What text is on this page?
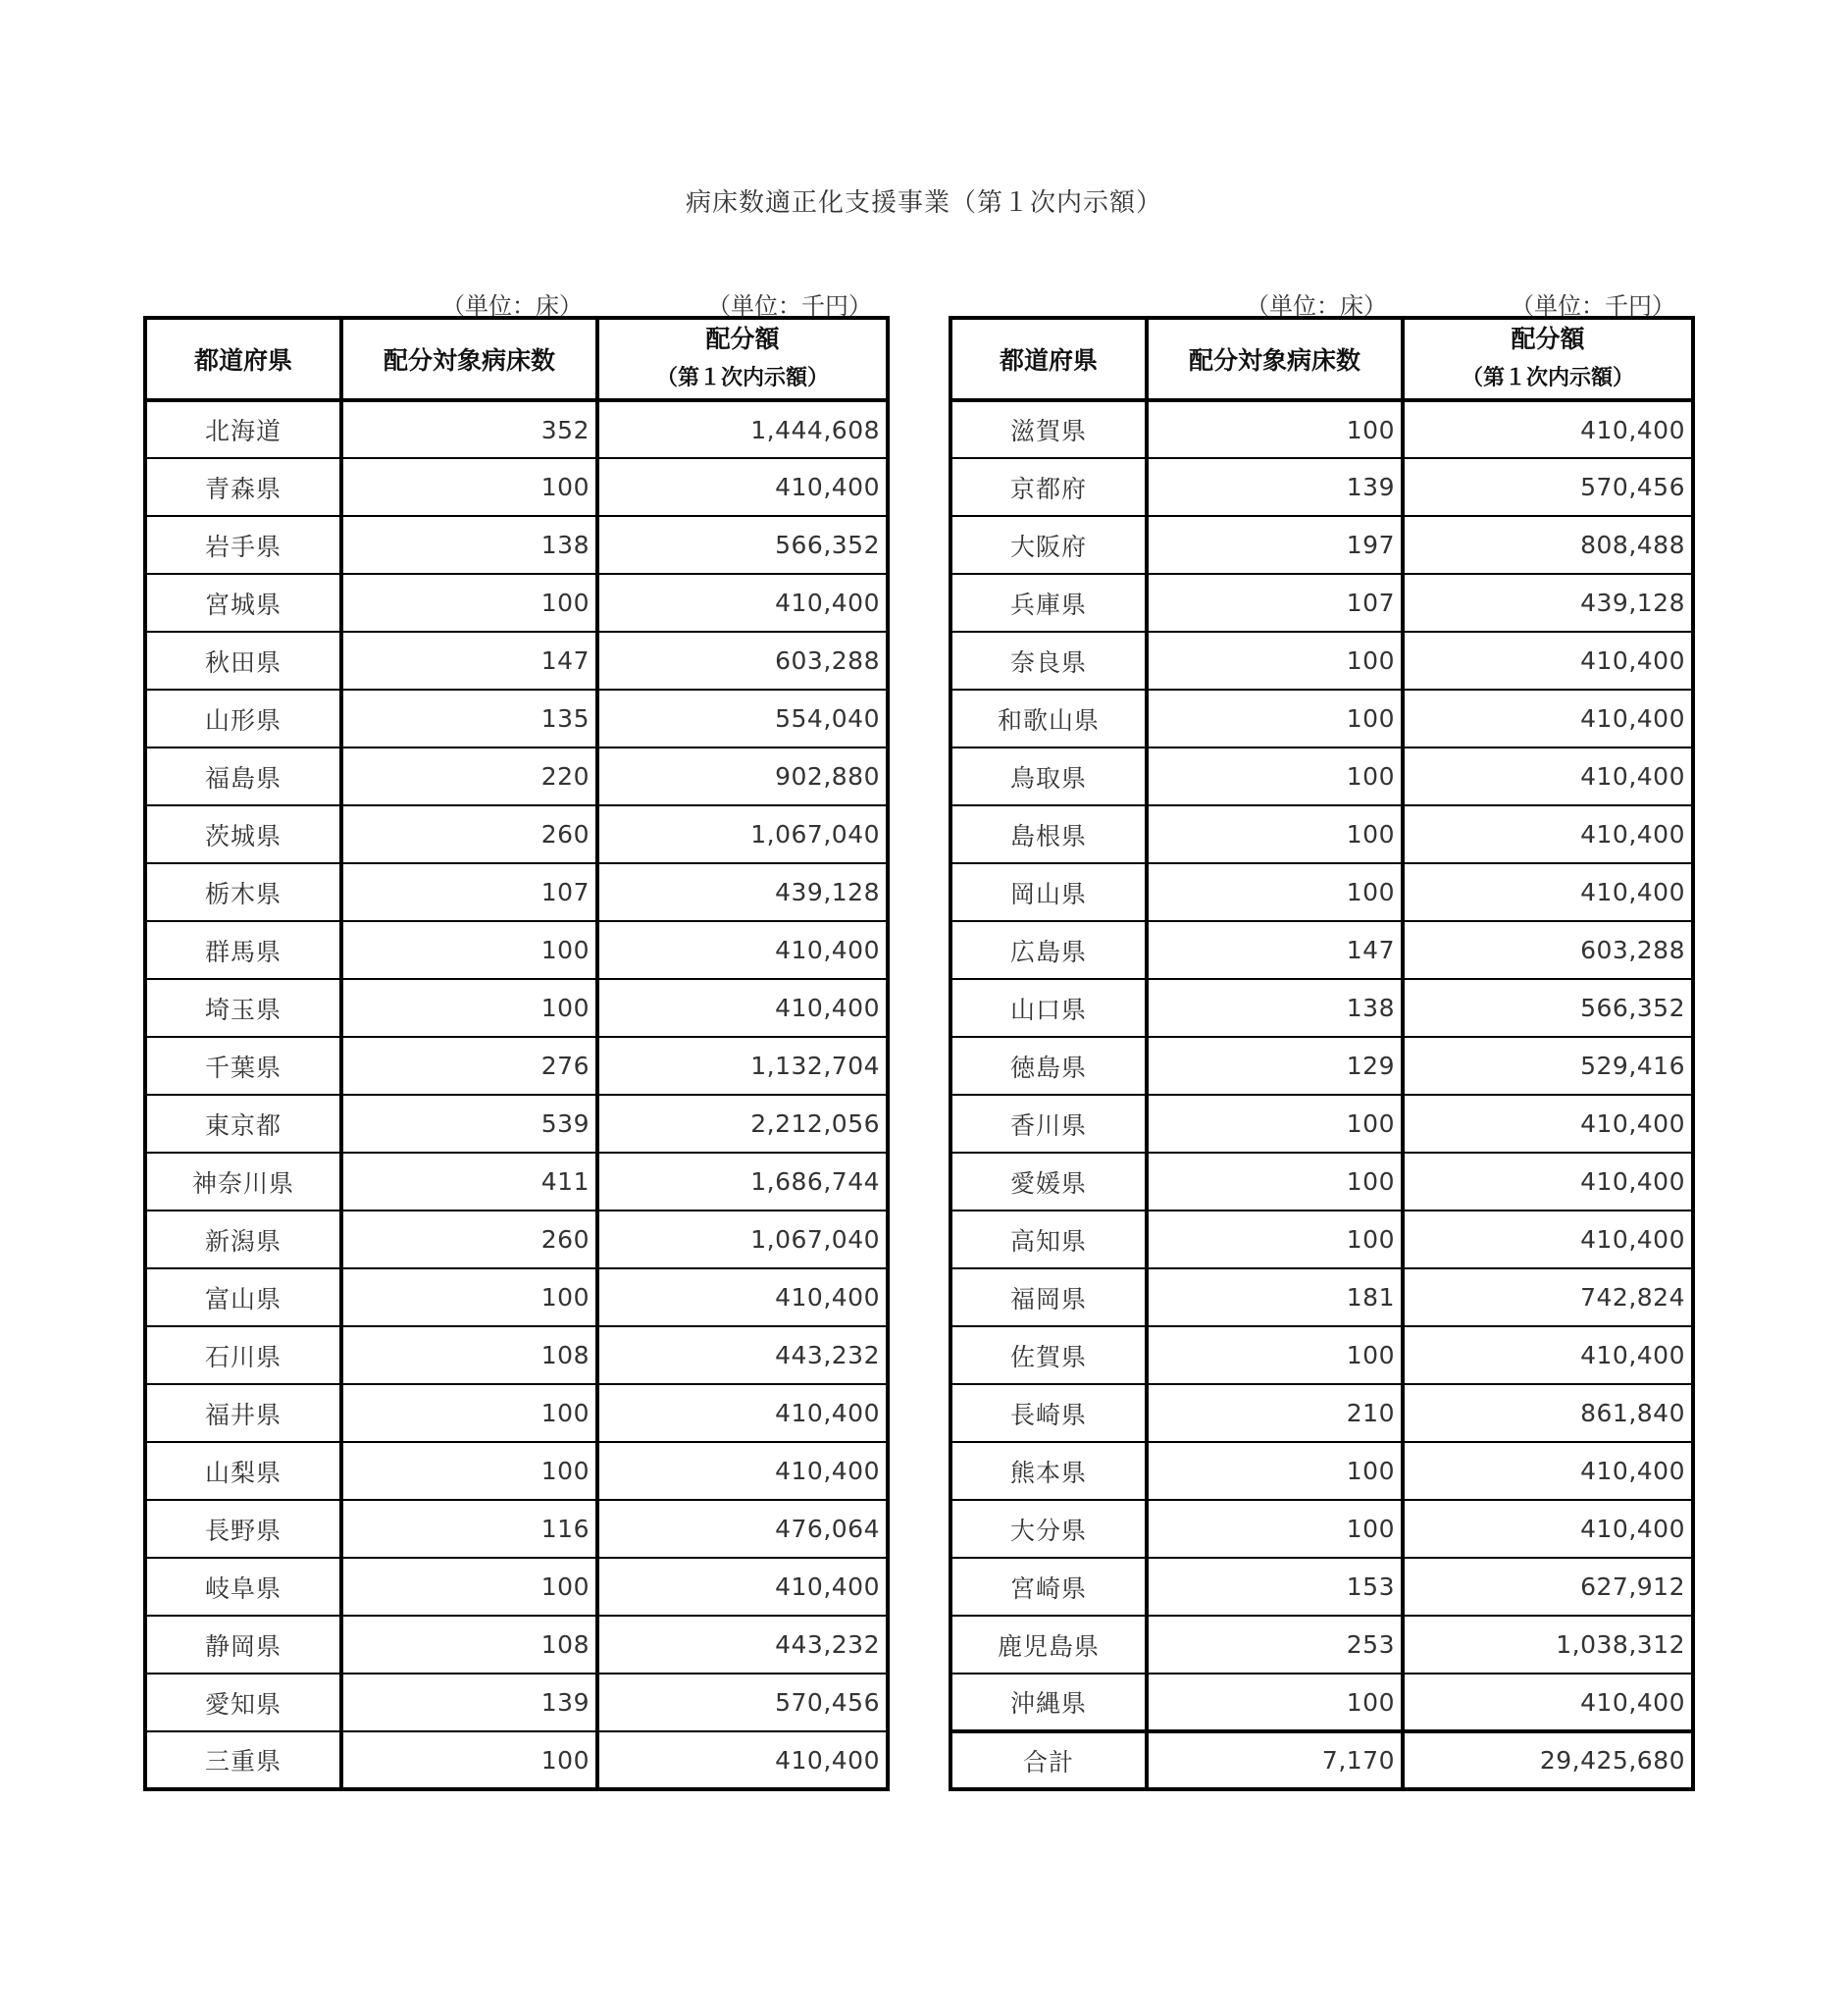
病床数適正化支援事業（第１次内示額）
（単位：床）	（単位：千円）	（単位：床）	（単位：千円）
都道府県	配分対象病床数	配分額
（第１次内示額）

北海道	352	1,444,608
青森県	100	410,400
岩手県	138	566,352
宮城県	100	410,400
秋田県	147	603,288
山形県	135	554,040
福島県	220	902,880
茨城県	260	1,067,040
栃木県	107	439,128
群馬県	100	410,400
埼玉県	100	410,400
千葉県	276	1,132,704
東京都	539	2,212,056
神奈川県	411	1,686,744
新潟県	260	1,067,040
富山県	100	410,400
石川県	108	443,232
福井県	100	410,400
山梨県	100	410,400
長野県	116	476,064
岐阜県	100	410,400
静岡県	108	443,232
愛知県	139	570,456
三重県	100	410,400
都道府県	配分対象病床数	配分額
（第１次内示額）

滋賀県	100	410,400
京都府	139	570,456
大阪府	197	808,488
兵庫県	107	439,128
奈良県	100	410,400
和歌山県	100	410,400
鳥取県	100	410,400
島根県	100	410,400
岡山県	100	410,400
広島県	147	603,288
山口県	138	566,352
徳島県	129	529,416
香川県	100	410,400
愛媛県	100	410,400
高知県	100	410,400
福岡県	181	742,824
佐賀県	100	410,400
長崎県	210	861,840
熊本県	100	410,400
大分県	100	410,400
宮崎県	153	627,912
鹿児島県	253	1,038,312
沖縄県	100	410,400
合計	7,170	29,425,680
